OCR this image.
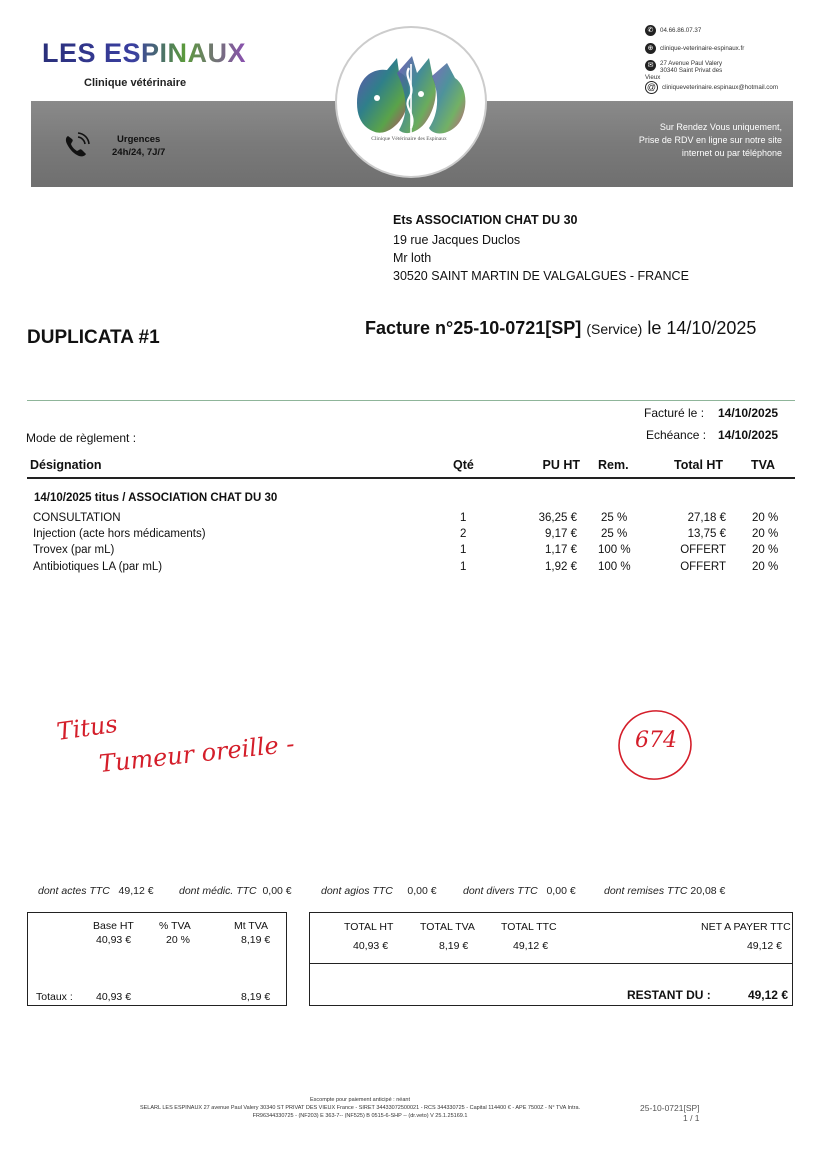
LES ESPINAUX
Clinique vétérinaire
Urgences
24h/24, 7J/7
Sur Rendez Vous uniquement,
Prise de RDV en ligne sur notre site
internet ou par téléphone
Clinique Vétérinaire des Espinaux
✆ 04.66.86.07.37
⊕ clinique-veterinaire-espinaux.fr
✉	27 Avenue Paul Valery
30340 Saint Privat des Vieux
@ cliniqueveterinaire.espinaux@hotmail.com
Ets ASSOCIATION CHAT DU 30
19 rue Jacques Duclos
Mr loth
30520 SAINT MARTIN DE VALGALGUES - FRANCE
DUPLICATA #1	Facture n°25-10-0721[SP] (Service) le 14/10/2025
Facturé le : 14/10/2025
Mode de règlement :	Echéance : 14/10/2025
Désignation	Qté	PU HT Rem.	Total HT TVA
14/10/2025 titus / ASSOCIATION CHAT DU 30
CONSULTATION	1	36,25 € 25 %	27,18 € 20 %
Injection (acte hors médicaments)	2	9,17 € 25 %	13,75 € 20 %
Trovex (par mL)	1	1,17 € 100 %	OFFERT 20 %
Antibiotiques LA (par mL)	1	1,92 € 100 %	OFFERT 20 %
Titus
Tumeur oreille -	674
dont actes TTC 49,12 € dont médic. TTC 0,00 €	dont agios TTC 0,00 €	dont divers TTC 0,00 €	dont remises TTC 20,08 €
Base HT % TVA	Mt TVA
40,93 €	20 %	8,19 €
Totaux : 40,93 €	8,19 €
TOTAL HT	TOTAL TVA TOTAL TTC	NET A PAYER TTC
40,93 €	8,19 €	49,12 €	49,12 €
RESTANT DU :	49,12 €
Escompte pour paiement anticipé : néant
SELARL LES ESPINAUX 27 avenue Paul Valery 30340 ST PRIVAT DES VIEUX France - SIRET 34433072500021 - RCS 344330725 - Capital 114400 € - APE 7500Z - N° TVA Intra.
FR96344330725 - (NF203) E 363-7-- (NF525) B 0515-6-SHP -- (dr.veto) V 25.1.25169.1
25-10-0721[SP]
1 / 1
